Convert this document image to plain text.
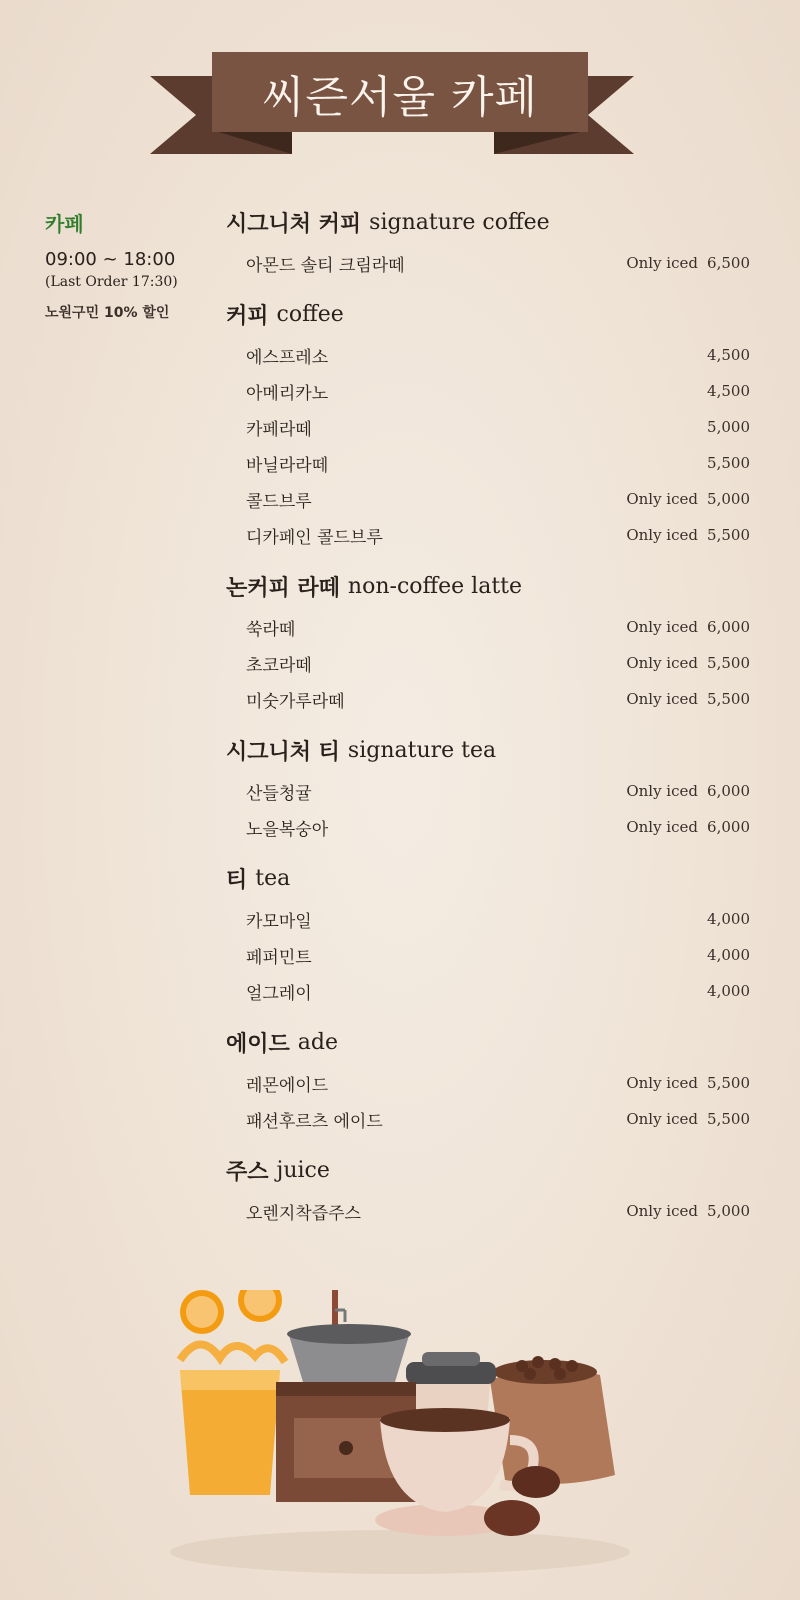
씨즌서울 카페
카페
09:00 ~ 18:00
(Last Order 17:30)
노원구민 10% 할인
시그니처 커피 signature coffee
아몬드 솔티 크림라떼	Only iced 6,500
커피 coffee
에스프레소	4,500
아메리카노	4,500
카페라떼	5,000
바닐라라떼	5,500
콜드브루	Only iced 5,000
디카페인 콜드브루	Only iced 5,500
논커피 라떼 non-coffee latte
쑥라떼	Only iced 6,000
초코라떼	Only iced 5,500
미숫가루라떼	Only iced 5,500
시그니처 티 signature tea
산들청귤	Only iced 6,000
노을복숭아	Only iced 6,000
티 tea
카모마일	4,000
페퍼민트	4,000
얼그레이	4,000
에이드 ade
레몬에이드	Only iced 5,500
패션후르츠 에이드	Only iced 5,500
주스 juice
오렌지착즙주스	Only iced 5,000
